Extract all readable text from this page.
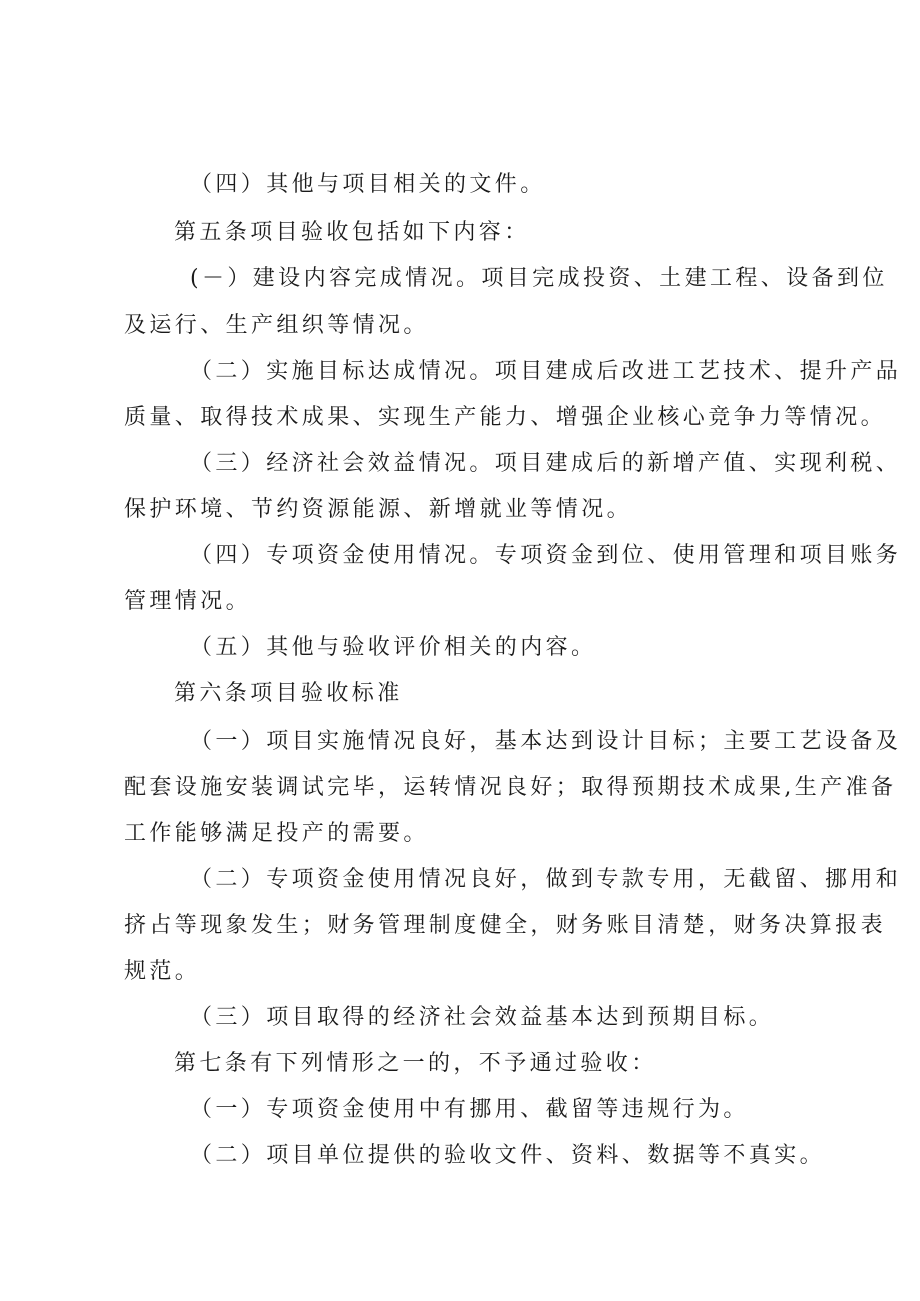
（四）其他与项目相关的文件。
第五条项目验收包括如下内容：
(－）建设内容完成情况。项目完成投资、土建工程、设备到位
及运行、生产组织等情况。
（二）实施目标达成情况。项目建成后改进工艺技术、提升产品
质量、取得技术成果、实现生产能力、增强企业核心竞争力等情况。
（三）经济社会效益情况。项目建成后的新增产值、实现利税、
保护环境、节约资源能源、新增就业等情况。
（四）专项资金使用情况。专项资金到位、使用管理和项目账务
管理情况。
（五）其他与验收评价相关的内容。
第六条项目验收标准
（一）项目实施情况良好，基本达到设计目标；主要工艺设备及
配套设施安装调试完毕，运转情况良好；取得预期技术成果,生产准备
工作能够满足投产的需要。
（二）专项资金使用情况良好，做到专款专用，无截留、挪用和
挤占等现象发生；财务管理制度健全，财务账目清楚，财务决算报表
规范。
（三）项目取得的经济社会效益基本达到预期目标。
第七条有下列情形之一的，不予通过验收：
（一）专项资金使用中有挪用、截留等违规行为。
（二）项目单位提供的验收文件、资料、数据等不真实。
